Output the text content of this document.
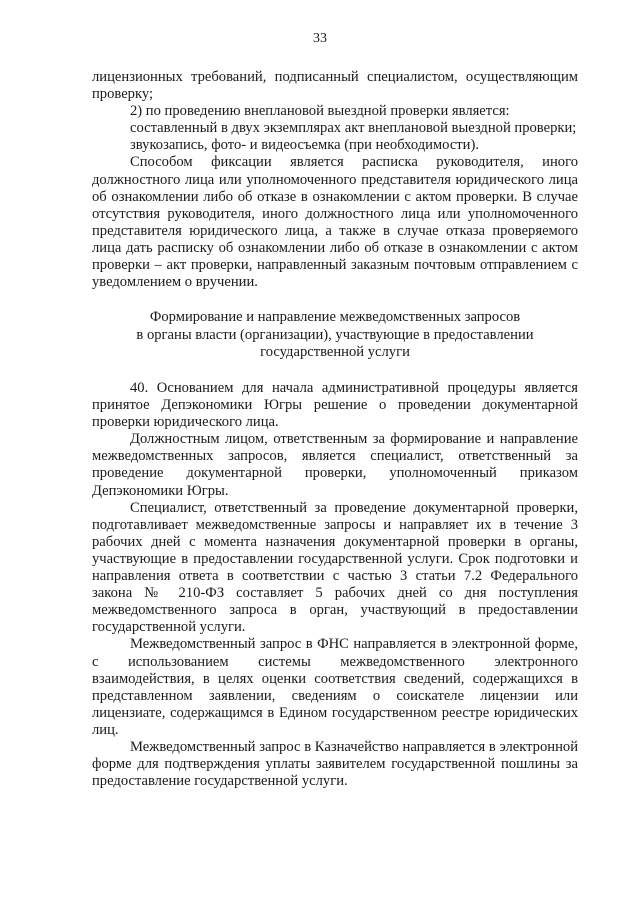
33

лицензионных требований, подписанный специалистом, осуществляющим проверку;

2) по проведению внеплановой выездной проверки является:

составленный в двух экземплярах акт внеплановой выездной проверки;

звукозапись, фото- и видеосъемка (при необходимости).

Способом фиксации является расписка руководителя, иного должностного лица или уполномоченного представителя юридического лица об ознакомлении либо об отказе в ознакомлении с актом проверки. В случае отсутствия руководителя, иного должностного лица или уполномоченного представителя юридического лица, а также в случае отказа проверяемого лица дать расписку об ознакомлении либо об отказе в ознакомлении с актом проверки – акт проверки, направленный заказным почтовым отправлением с уведомлением о вручении.

Формирование и направление межведомственных запросов
в органы власти (организации), участвующие в предоставлении
государственной услуги

40. Основанием для начала административной процедуры является принятое Депэкономики Югры решение о проведении документарной проверки юридического лица.

Должностным лицом, ответственным за формирование и направление межведомственных запросов, является специалист, ответственный за проведение документарной проверки, уполномоченный приказом Депэкономики Югры.

Специалист, ответственный за проведение документарной проверки, подготавливает межведомственные запросы и направляет их в течение 3 рабочих дней с момента назначения документарной проверки в органы, участвующие в предоставлении государственной услуги. Срок подготовки и направления ответа в соответствии с частью 3 статьи 7.2 Федерального закона № 210-ФЗ составляет 5 рабочих дней со дня поступления межведомственного запроса в орган, участвующий в предоставлении государственной услуги.

Межведомственный запрос в ФНС направляется в электронной форме, с использованием системы межведомственного электронного взаимодействия, в целях оценки соответствия сведений, содержащихся в представленном заявлении, сведениям о соискателе лицензии или лицензиате, содержащимся в Едином государственном реестре юридических лиц.

Межведомственный запрос в Казначейство направляется в электронной форме для подтверждения уплаты заявителем государственной пошлины за предоставление государственной услуги.
